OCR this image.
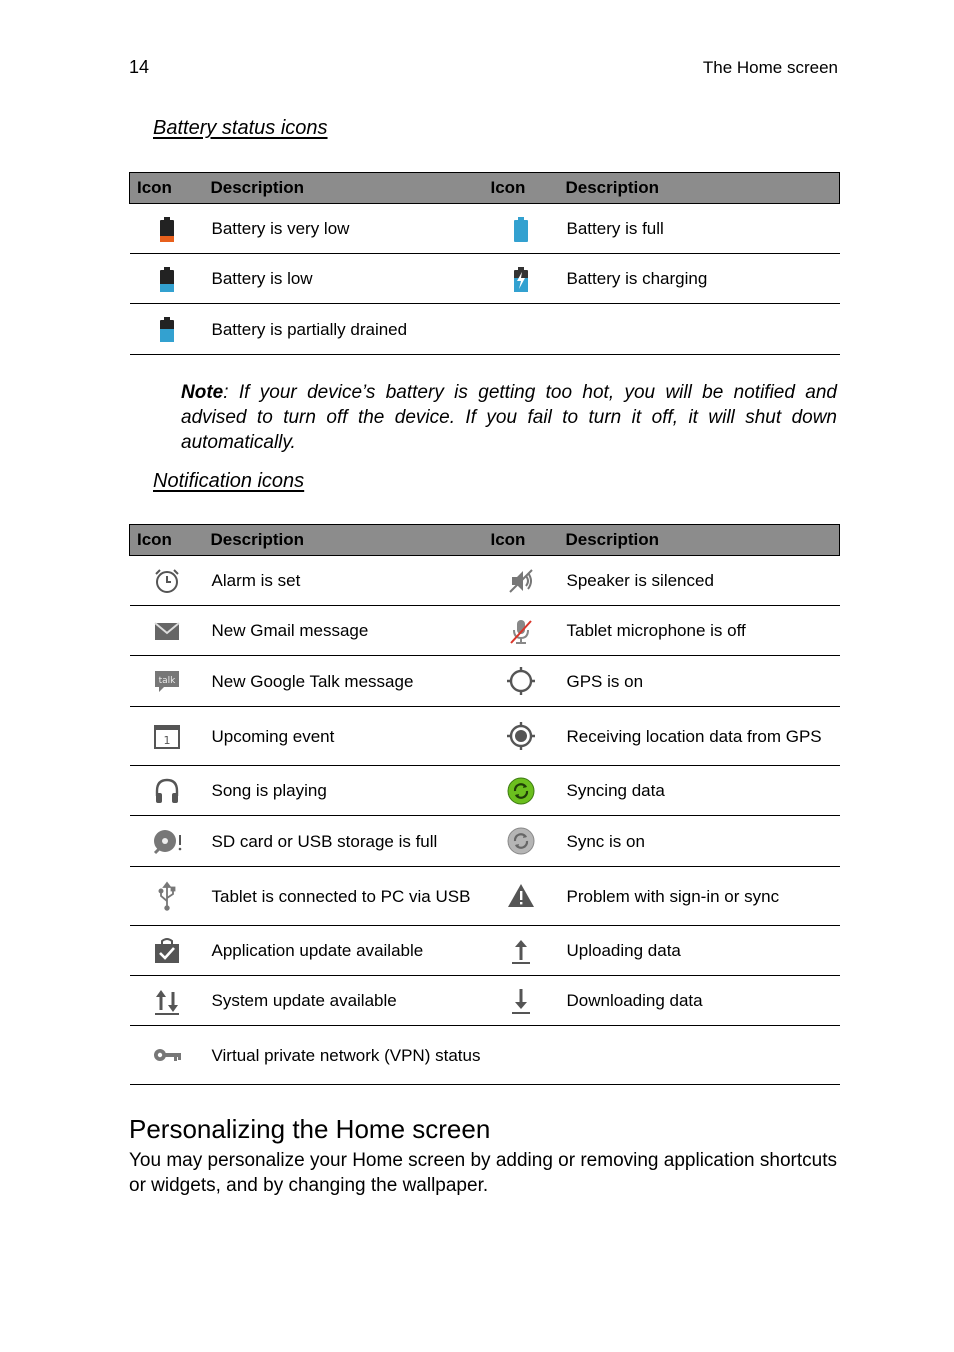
14	The Home screen
Battery status icons
Icon	Description	Icon	Description

	Battery is very low		Battery is full

	Battery is low		Battery is charging

	Battery is partially drained		
Note: If your device’s battery is getting too hot, you will be notified and advised to turn off the device. If you fail to turn it off, it will shut down automatically.
Notification icons
Icon	Description	Icon	Description

	Alarm is set		Speaker is silenced

	New Gmail message		Tablet microphone is off

talk	New Google Talk message		GPS is on

1	Upcoming event		Receiving location data from GPS

	Song is playing		Syncing data

	SD card or USB storage is full		Sync is on

	Tablet is connected to PC via USB		Problem with sign-in or sync

	Application update available		Uploading data

	System update available		Downloading data

	Virtual private network (VPN) status		
Personalizing the Home screen
You may personalize your Home screen by adding or removing application shortcuts or widgets, and by changing the wallpaper.
